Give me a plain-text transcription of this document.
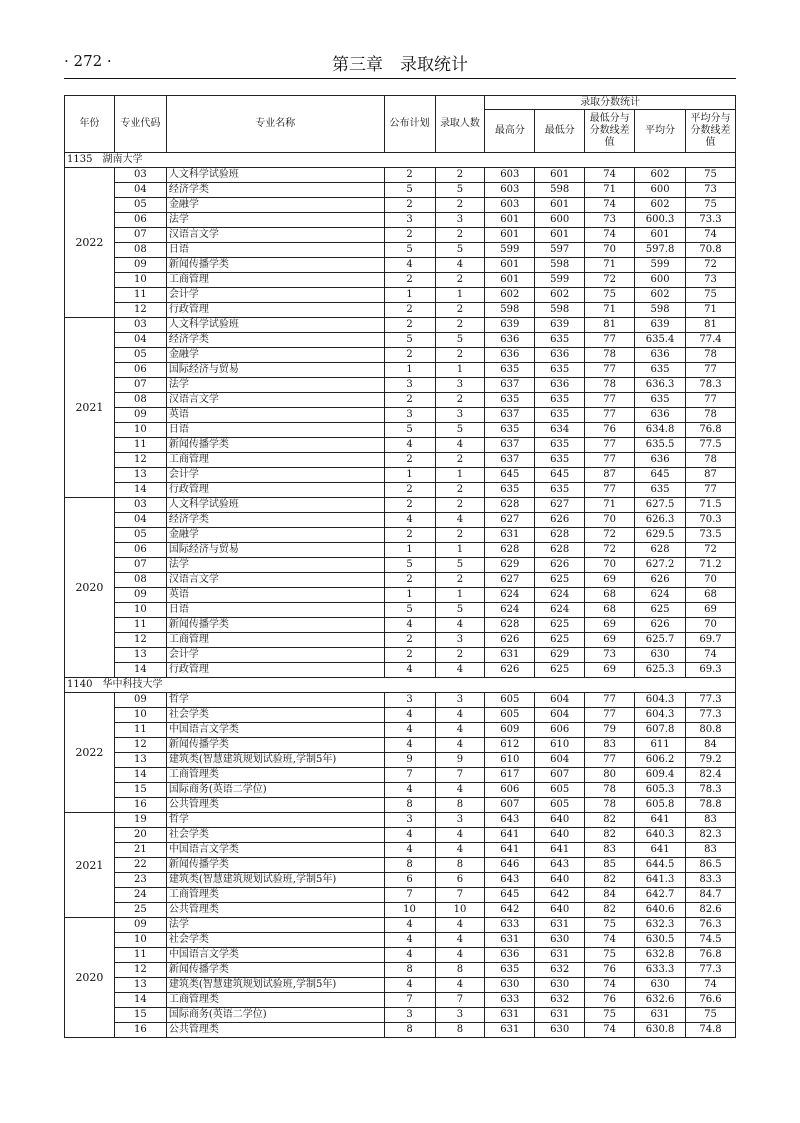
· 272 ·	第三章　录取统计
年份	专业代码	专业名称	公布计划	录取人数	录取分数统计				
					最高分	最低分	最低分与分数线差值	平均分	平均分与分数线差值
1135　湖南大学									
2022	03	人文科学试验班	2	2	603	601	74	602	75
	04	经济学类	5	5	603	598	71	600	73
	05	金融学	2	2	603	601	74	602	75
	06	法学	3	3	601	600	73	600.3	73.3
	07	汉语言文学	2	2	601	601	74	601	74
	08	日语	5	5	599	597	70	597.8	70.8
	09	新闻传播学类	4	4	601	598	71	599	72
	10	工商管理	2	2	601	599	72	600	73
	11	会计学	1	1	602	602	75	602	75
	12	行政管理	2	2	598	598	71	598	71
2021	03	人文科学试验班	2	2	639	639	81	639	81
	04	经济学类	5	5	636	635	77	635.4	77.4
	05	金融学	2	2	636	636	78	636	78
	06	国际经济与贸易	1	1	635	635	77	635	77
	07	法学	3	3	637	636	78	636.3	78.3
	08	汉语言文学	2	2	635	635	77	635	77
	09	英语	3	3	637	635	77	636	78
	10	日语	5	5	635	634	76	634.8	76.8
	11	新闻传播学类	4	4	637	635	77	635.5	77.5
	12	工商管理	2	2	637	635	77	636	78
	13	会计学	1	1	645	645	87	645	87
	14	行政管理	2	2	635	635	77	635	77
2020	03	人文科学试验班	2	2	628	627	71	627.5	71.5
	04	经济学类	4	4	627	626	70	626.3	70.3
	05	金融学	2	2	631	628	72	629.5	73.5
	06	国际经济与贸易	1	1	628	628	72	628	72
	07	法学	5	5	629	626	70	627.2	71.2
	08	汉语言文学	2	2	627	625	69	626	70
	09	英语	1	1	624	624	68	624	68
	10	日语	5	5	624	624	68	625	69
	11	新闻传播学类	4	4	628	625	69	626	70
	12	工商管理	2	3	626	625	69	625.7	69.7
	13	会计学	2	2	631	629	73	630	74
	14	行政管理	4	4	626	625	69	625.3	69.3
1140　华中科技大学									
2022	09	哲学	3	3	605	604	77	604.3	77.3
	10	社会学类	4	4	605	604	77	604.3	77.3
	11	中国语言文学类	4	4	609	606	79	607.8	80.8
	12	新闻传播学类	4	4	612	610	83	611	84
	13	建筑类(智慧建筑规划试验班,学制5年)	9	9	610	604	77	606.2	79.2
	14	工商管理类	7	7	617	607	80	609.4	82.4
	15	国际商务(英语二学位)	4	4	606	605	78	605.3	78.3
	16	公共管理类	8	8	607	605	78	605.8	78.8
2021	19	哲学	3	3	643	640	82	641	83
	20	社会学类	4	4	641	640	82	640.3	82.3
	21	中国语言文学类	4	4	641	641	83	641	83
	22	新闻传播学类	8	8	646	643	85	644.5	86.5
	23	建筑类(智慧建筑规划试验班,学制5年)	6	6	643	640	82	641.3	83.3
	24	工商管理类	7	7	645	642	84	642.7	84.7
	25	公共管理类	10	10	642	640	82	640.6	82.6
2020	09	法学	4	4	633	631	75	632.3	76.3
	10	社会学类	4	4	631	630	74	630.5	74.5
	11	中国语言文学类	4	4	636	631	75	632.8	76.8
	12	新闻传播学类	8	8	635	632	76	633.3	77.3
	13	建筑类(智慧建筑规划试验班,学制5年)	4	4	630	630	74	630	74
	14	工商管理类	7	7	633	632	76	632.6	76.6
	15	国际商务(英语二学位)	3	3	631	631	75	631	75
	16	公共管理类	8	8	631	630	74	630.8	74.8
